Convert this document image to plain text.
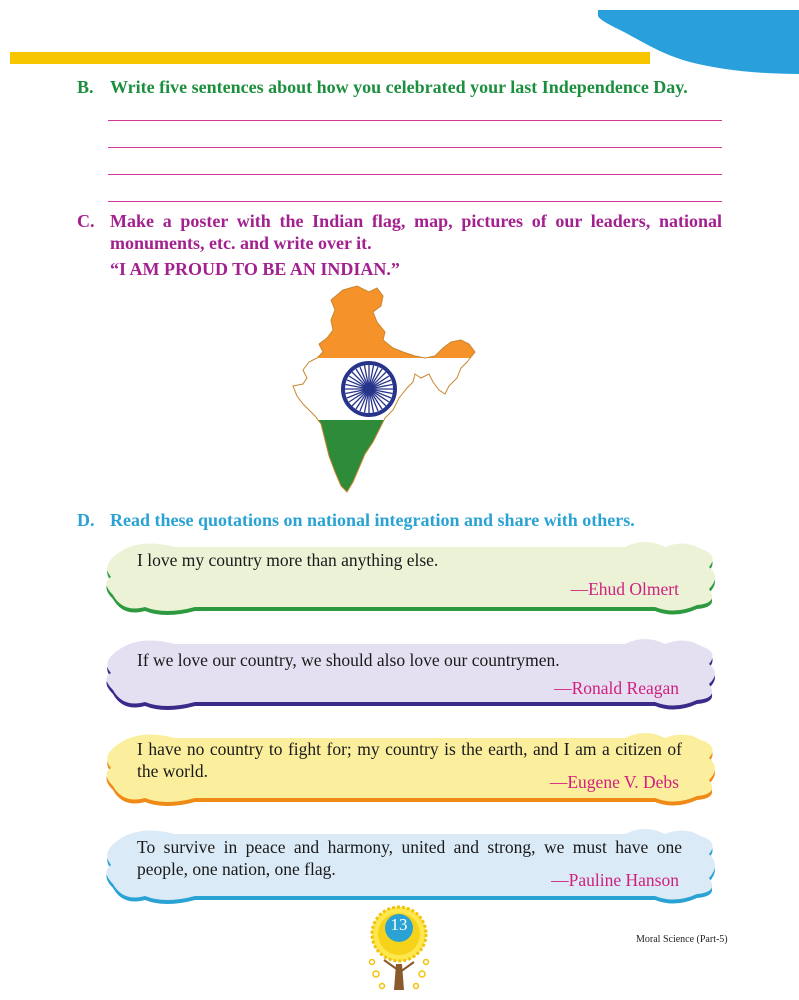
B. Write five sentences about how you celebrated your last Independence Day.
C. Make a poster with the Indian flag, map, pictures of our leaders, national monuments, etc. and write over it.
“I AM PROUD TO BE AN INDIAN.”
D. Read these quotations on national integration and share with others.
I love my country more than anything else.
—Ehud Olmert
If we love our country, we should also love our countrymen.
—Ronald Reagan
I have no country to fight for; my country is the earth, and I am a citizen of the world.
—Eugene V. Debs
To survive in peace and harmony, united and strong, we must have one people, one nation, one flag.
—Pauline Hanson
13
Moral Science (Part-5)
